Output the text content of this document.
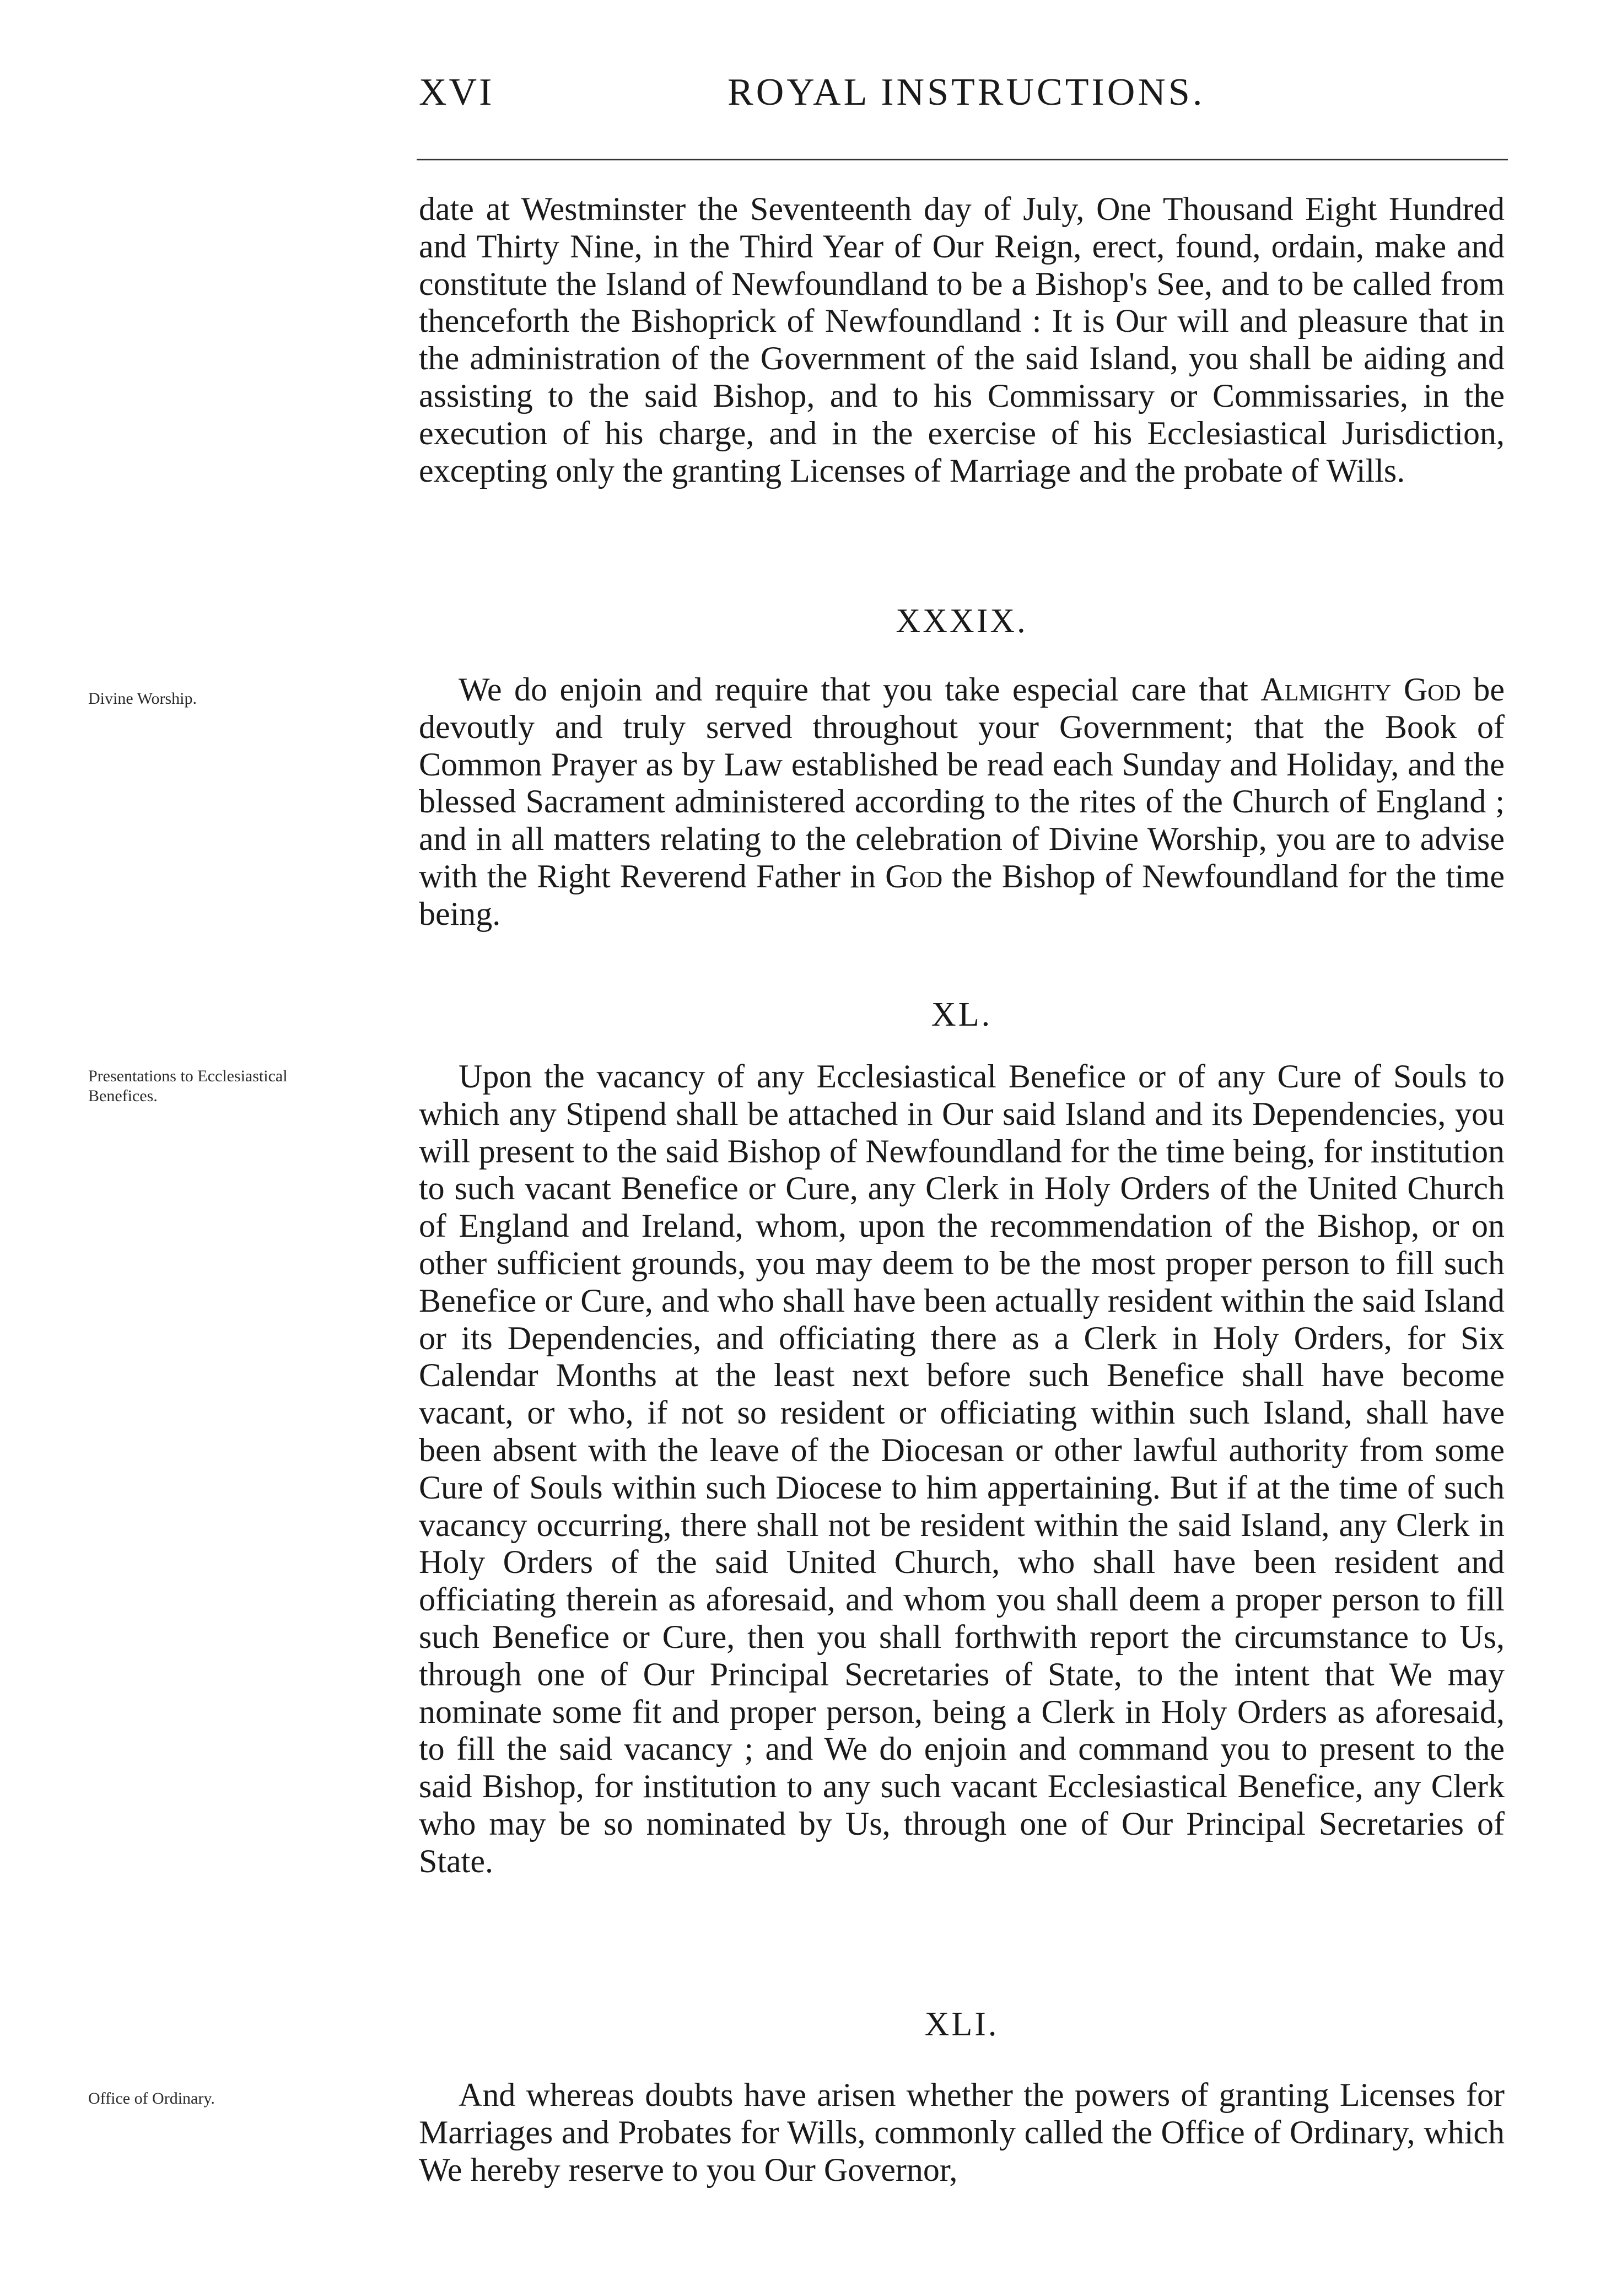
XVI	ROYAL INSTRUCTIONS.

date at Westminster the Seventeenth day of July, One Thousand Eight Hundred and Thirty Nine, in the Third Year of Our Reign, erect, found, ordain, make and constitute the Island of Newfoundland to be a Bishop's See, and to be called from thenceforth the Bishoprick of Newfoundland : It is Our will and pleasure that in the administration of the Government of the said Island, you shall be aiding and assisting to the said Bishop, and to his Commissary or Commissaries, in the execution of his charge, and in the exercise of his Ecclesiastical Jurisdiction, excepting only the granting Licenses of Marriage and the probate of Wills.

XXXIX.
Divine Worship.	We do enjoin and require that you take especial care that Almighty God be devoutly and truly served throughout your Government; that the Book of Common Prayer as by Law established be read each Sunday and Holiday, and the blessed Sacrament administered according to the rites of the Church of England ; and in all matters relating to the celebration of Divine Worship, you are to advise with the Right Reverend Father in God the Bishop of Newfoundland for the time being.

XL.
Presentations to Ecclesiastical Benefices.

Upon the vacancy of any Ecclesiastical Benefice or of any Cure of Souls to which any Stipend shall be attached in Our said Island and its Dependencies, you will present to the said Bishop of Newfoundland for the time being, for institution to such vacant Benefice or Cure, any Clerk in Holy Orders of the United Church of England and Ireland, whom, upon the recommendation of the Bishop, or on other sufficient grounds, you may deem to be the most proper person to fill such Benefice or Cure, and who shall have been actually resident within the said Island or its Dependencies, and officiating there as a Clerk in Holy Orders, for Six Calendar Months at the least next before such Benefice shall have become vacant, or who, if not so resident or officiating within such Island, shall have been absent with the leave of the Diocesan or other lawful authority from some Cure of Souls within such Diocese to him appertaining. But if at the time of such vacancy occurring, there shall not be resident within the said Island, any Clerk in Holy Orders of the said United Church, who shall have been resident and officiating therein as aforesaid, and whom you shall deem a proper person to fill such Benefice or Cure, then you shall forthwith report the circumstance to Us, through one of Our Principal Secretaries of State, to the intent that We may nominate some fit and proper person, being a Clerk in Holy Orders as aforesaid, to fill the said vacancy ; and We do enjoin and command you to present to the said Bishop, for institution to any such vacant Ecclesiastical Benefice, any Clerk who may be so nominated by Us, through one of Our Principal Secretaries of State.

XLI.
Office of Ordinary.	And whereas doubts have arisen whether the powers of granting Licenses for Marriages and Probates for Wills, commonly called the Office of Ordinary, which We hereby reserve to you Our Governor,
